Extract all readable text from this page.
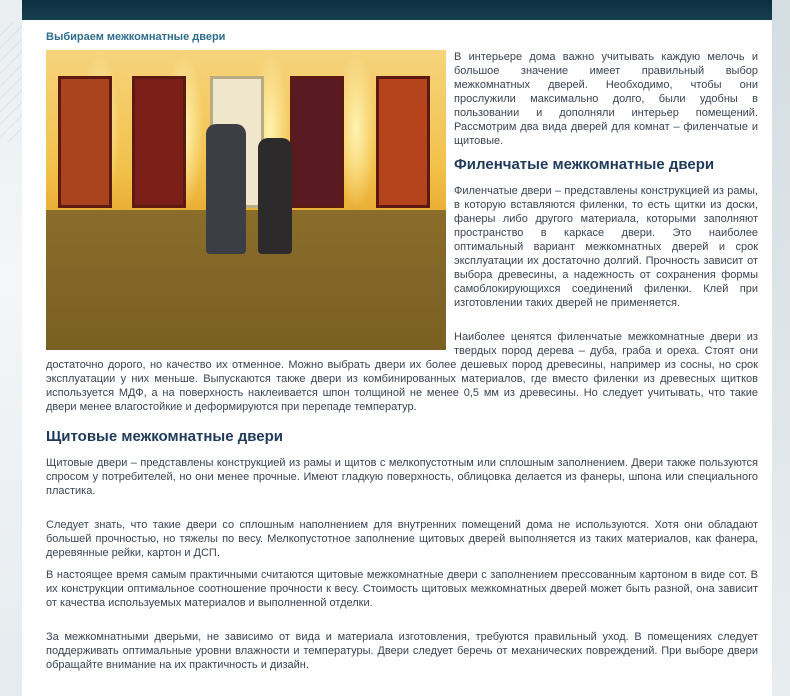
Выбираем межкомнатные двери

В интерьере дома важно учитывать каждую мелочь и большое значение имеет правильный выбор межкомнатных дверей. Необходимо, чтобы они прослужили максимально долго, были удобны в пользовании и дополняли интерьер помещений. Рассмотрим два вида дверей для комнат – филенчатые и щитовые.

Филенчатые межкомнатные двери

Филенчатые двери – представлены конструкцией из рамы, в которую вставляются филенки, то есть щитки из доски, фанеры либо другого материала, которыми заполняют пространство в каркасе двери. Это наиболее оптимальный вариант межкомнатных дверей и срок эксплуатации их достаточно долгий. Прочность зависит от выбора древесины, а надежность от сохранения формы самоблокирующихся соединений филенки. Клей при изготовлении таких дверей не применяется.

Наиболее ценятся филенчатые межкомнатные двери из твердых пород дерева – дуба, граба и ореха. Стоят они достаточно дорого, но качество их отменное. Можно выбрать двери их более дешевых пород древесины, например из сосны, но срок эксплуатации у них меньше. Выпускаются также двери из комбинированных материалов, где вместо филенки из древесных щитков используется МДФ, а на поверхность наклеивается шпон толщиной не менее 0,5 мм из древесины. Но следует учитывать, что такие двери менее влагостойкие и деформируются при перепаде температур.

Щитовые межкомнатные двери

Щитовые двери – представлены конструкцией из рамы и щитов с мелкопустотным или сплошным заполнением. Двери также пользуются спросом у потребителей, но они менее прочные. Имеют гладкую поверхность, облицовка делается из фанеры, шпона или специального пластика.

Следует знать, что такие двери со сплошным наполнением для внутренних помещений дома не используются. Хотя они обладают большей прочностью, но тяжелы по весу. Мелкопустотное заполнение щитовых дверей выполняется из таких материалов, как фанера, деревянные рейки, картон и ДСП.

В настоящее время самым практичными считаются щитовые межкомнатные двери с заполнением прессованным картоном в виде сот. В их конструкции оптимальное соотношение прочности к весу. Стоимость щитовых межкомнатных дверей может быть разной, она зависит от качества используемых материалов и выполненной отделки.

За межкомнатными дверьми, не зависимо от вида и материала изготовления, требуются правильный уход. В помещениях следует поддерживать оптимальные уровни влажности и температуры. Двери следует беречь от механических повреждений. При выборе двери обращайте внимание на их практичность и дизайн.
